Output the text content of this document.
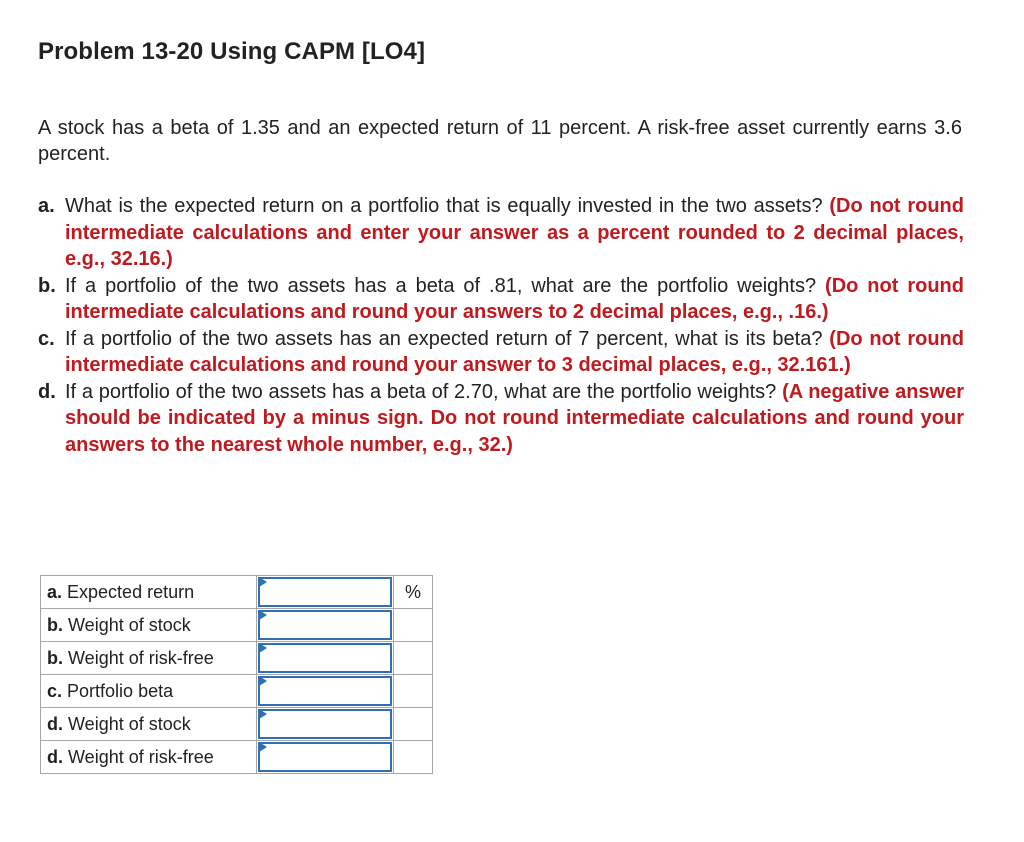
Problem 13-20 Using CAPM [LO4]
A stock has a beta of 1.35 and an expected return of 11 percent. A risk-free asset currently earns 3.6 percent.
a. What is the expected return on a portfolio that is equally invested in the two assets? (Do not round intermediate calculations and enter your answer as a percent rounded to 2 decimal places, e.g., 32.16.)
b. If a portfolio of the two assets has a beta of .81, what are the portfolio weights? (Do not round intermediate calculations and round your answers to 2 decimal places, e.g., .16.)
c. If a portfolio of the two assets has an expected return of 7 percent, what is its beta? (Do not round intermediate calculations and round your answer to 3 decimal places, e.g., 32.161.)
d. If a portfolio of the two assets has a beta of 2.70, what are the portfolio weights? (A negative answer should be indicated by a minus sign. Do not round intermediate calculations and round your answers to the nearest whole number, e.g., 32.)
a. Expected return		%
b. Weight of stock	

b. Weight of risk-free	

c. Portfolio beta	

d. Weight of stock	

d. Weight of risk-free	
